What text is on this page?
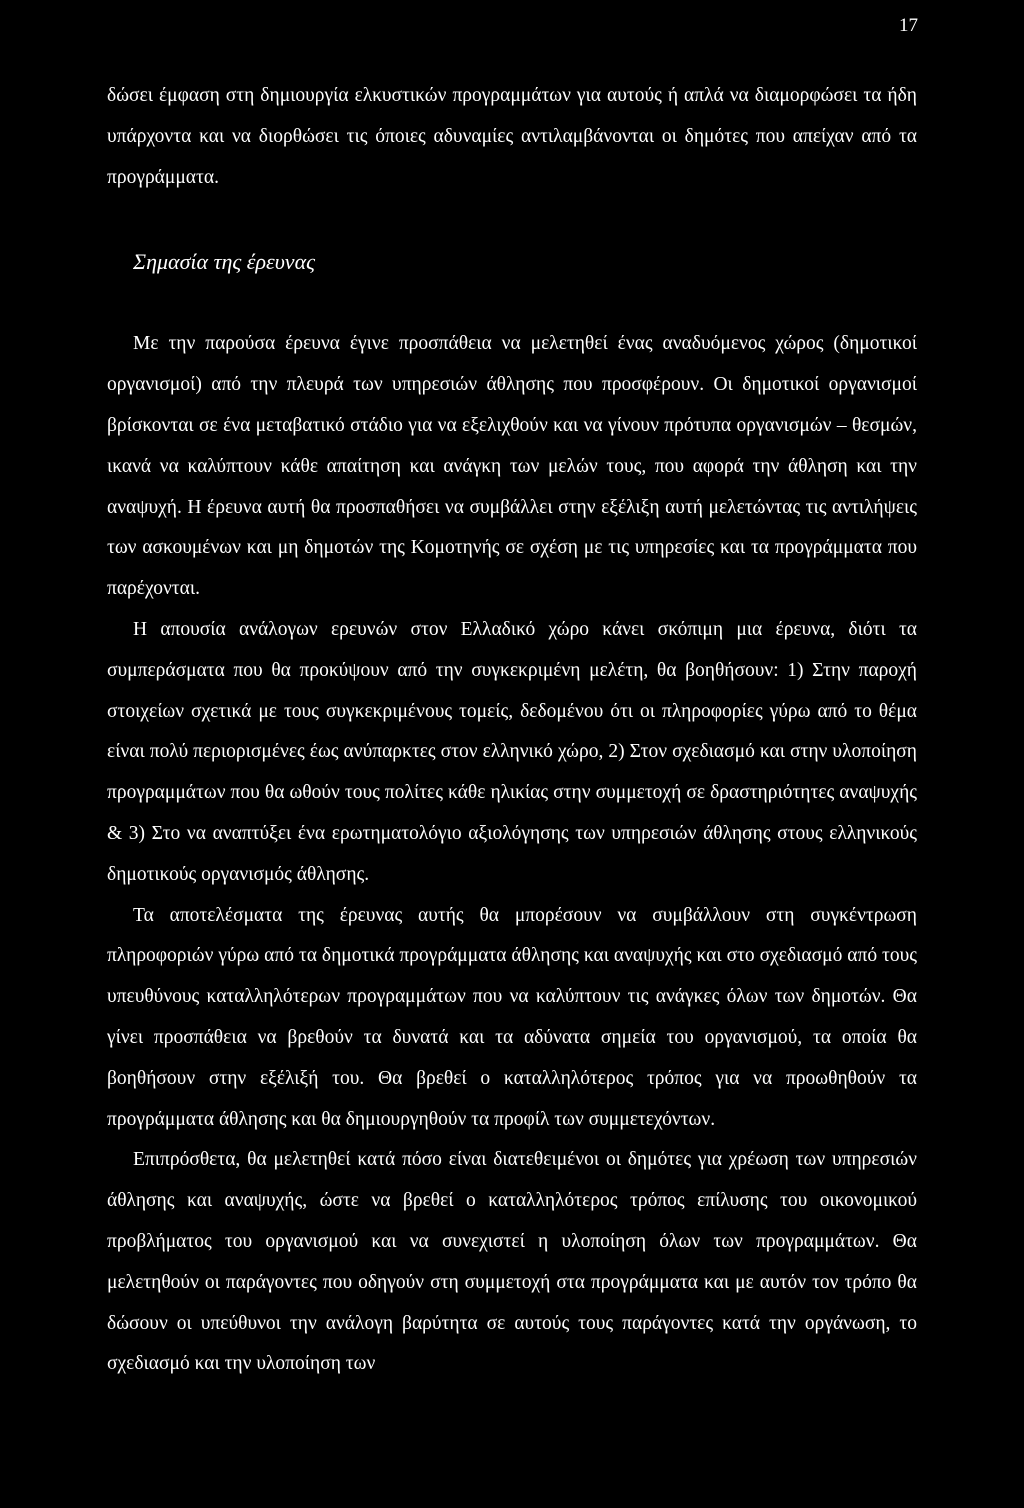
17

δώσει έμφαση στη δημιουργία ελκυστικών προγραμμάτων για αυτούς ή απλά να διαμορφώσει τα ήδη υπάρχοντα και να διορθώσει τις όποιες αδυναμίες αντιλαμβάνονται οι δημότες που απείχαν από τα προγράμματα.

Σημασία της έρευνας

Με την παρούσα έρευνα έγινε προσπάθεια να μελετηθεί ένας αναδυόμενος χώρος (δημοτικοί οργανισμοί) από την πλευρά των υπηρεσιών άθλησης που προσφέρουν. Οι δημοτικοί οργανισμοί βρίσκονται σε ένα μεταβατικό στάδιο για να εξελιχθούν και να γίνουν πρότυπα οργανισμών – θεσμών, ικανά να καλύπτουν κάθε απαίτηση και ανάγκη των μελών τους, που αφορά την άθληση και την αναψυχή. Η έρευνα αυτή θα προσπαθήσει να συμβάλλει στην εξέλιξη αυτή μελετώντας τις αντιλήψεις των ασκουμένων και μη δημοτών της Κομοτηνής σε σχέση με τις υπηρεσίες και τα προγράμματα που παρέχονται.

Η απουσία ανάλογων ερευνών στον Ελλαδικό χώρο κάνει σκόπιμη μια έρευνα, διότι τα συμπεράσματα που θα προκύψουν από την συγκεκριμένη μελέτη, θα βοηθήσουν: 1) Στην παροχή στοιχείων σχετικά με τους συγκεκριμένους τομείς, δεδομένου ότι οι πληροφορίες γύρω από το θέμα είναι πολύ περιορισμένες έως ανύπαρκτες στον ελληνικό χώρο, 2) Στον σχεδιασμό και στην υλοποίηση προγραμμάτων που θα ωθούν τους πολίτες κάθε ηλικίας στην συμμετοχή σε δραστηριότητες αναψυχής & 3) Στο να αναπτύξει ένα ερωτηματολόγιο αξιολόγησης των υπηρεσιών άθλησης στους ελληνικούς δημοτικούς οργανισμός άθλησης.

Τα αποτελέσματα της έρευνας αυτής θα μπορέσουν να συμβάλλουν στη συγκέντρωση πληροφοριών γύρω από τα δημοτικά προγράμματα άθλησης και αναψυχής και στο σχεδιασμό από τους υπευθύνους καταλληλότερων προγραμμάτων που να καλύπτουν τις ανάγκες όλων των δημοτών. Θα γίνει προσπάθεια να βρεθούν τα δυνατά και τα αδύνατα σημεία του οργανισμού, τα οποία θα βοηθήσουν στην εξέλιξή του. Θα βρεθεί ο καταλληλότερος τρόπος για να προωθηθούν τα προγράμματα άθλησης και θα δημιουργηθούν τα προφίλ των συμμετεχόντων.

Επιπρόσθετα, θα μελετηθεί κατά πόσο είναι διατεθειμένοι οι δημότες για χρέωση των υπηρεσιών άθλησης και αναψυχής, ώστε να βρεθεί ο καταλληλότερος τρόπος επίλυσης του οικονομικού προβλήματος του οργανισμού και να συνεχιστεί η υλοποίηση όλων των προγραμμάτων. Θα μελετηθούν οι παράγοντες που οδηγούν στη συμμετοχή στα προγράμματα και με αυτόν τον τρόπο θα δώσουν οι υπεύθυνοι την ανάλογη βαρύτητα σε αυτούς τους παράγοντες κατά την οργάνωση, το σχεδιασμό και την υλοποίηση των
